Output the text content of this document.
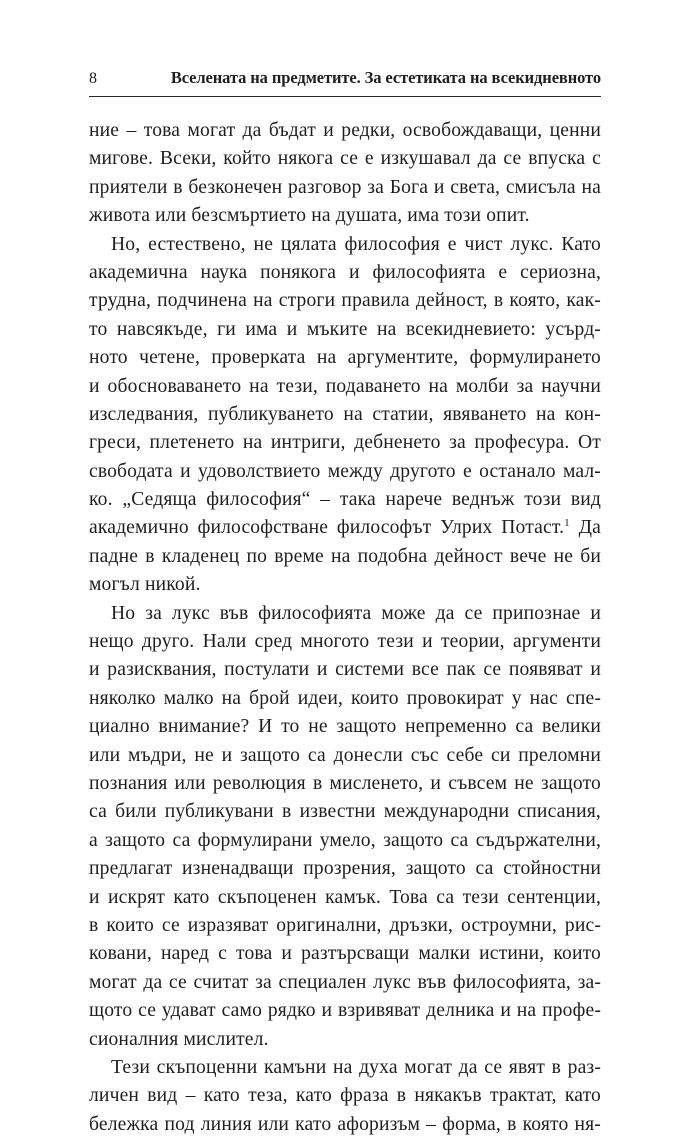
8	Вселената на предметите. За естетиката на всекидневното
ние – това могат да бъдат и редки, освобождаващи, ценни
мигове. Всеки, който някога се е изкушавал да се впуска с
приятели в безконечен разговор за Бога и света, смисъла на
живота или безсмъртието на душата, има този опит.
Но, естествено, не цялата философия е чист лукс. Като
академична наука понякога и философията е сериозна,
трудна, подчинена на строги правила дейност, в която, как-
то навсякъде, ги има и мъките на всекидневието: усърд-
ното четене, проверката на аргументите, формулирането
и обосноваването на тези, подаването на молби за научни
изследвания, публикуването на статии, явяването на кон-
греси, плетенето на интриги, дебненето за професура. От
свободата и удоволствието между другото е останало мал-
ко. „Седяща философия“ – така нарече веднъж този вид
академично философстване философът Улрих Потаст.$^1$ Да
падне в кладенец по време на подобна дейност вече не би
могъл никой.
Но за лукс във философията може да се припознае и
нещо друго. Нали сред многото тези и теории, аргументи
и разисквания, постулати и системи все пак се появяват и
няколко малко на брой идеи, които провокират у нас спе-
циално внимание? И то не защото непременно са велики
или мъдри, не и защото са донесли със себе си преломни
познания или революция в мисленето, и съвсем не защото
са били публикувани в известни международни списания,
а защото са формулирани умело, защото са съдържателни,
предлагат изненадващи прозрения, защото са стойностни
и искрят като скъпоценен камък. Това са тези сентенции,
в които се изразяват оригинални, дръзки, остроумни, рис-
ковани, наред с това и разтърсващи малки истини, които
могат да се считат за специален лукс във философията, за-
щото се удават само рядко и взривяват делника и на профе-
сионалния мислител.
Тези скъпоценни камъни на духа могат да се явят в раз-
личен вид – като теза, като фраза в някакъв трактат, като
бележка под линия или като афоризъм – форма, в която ня-
